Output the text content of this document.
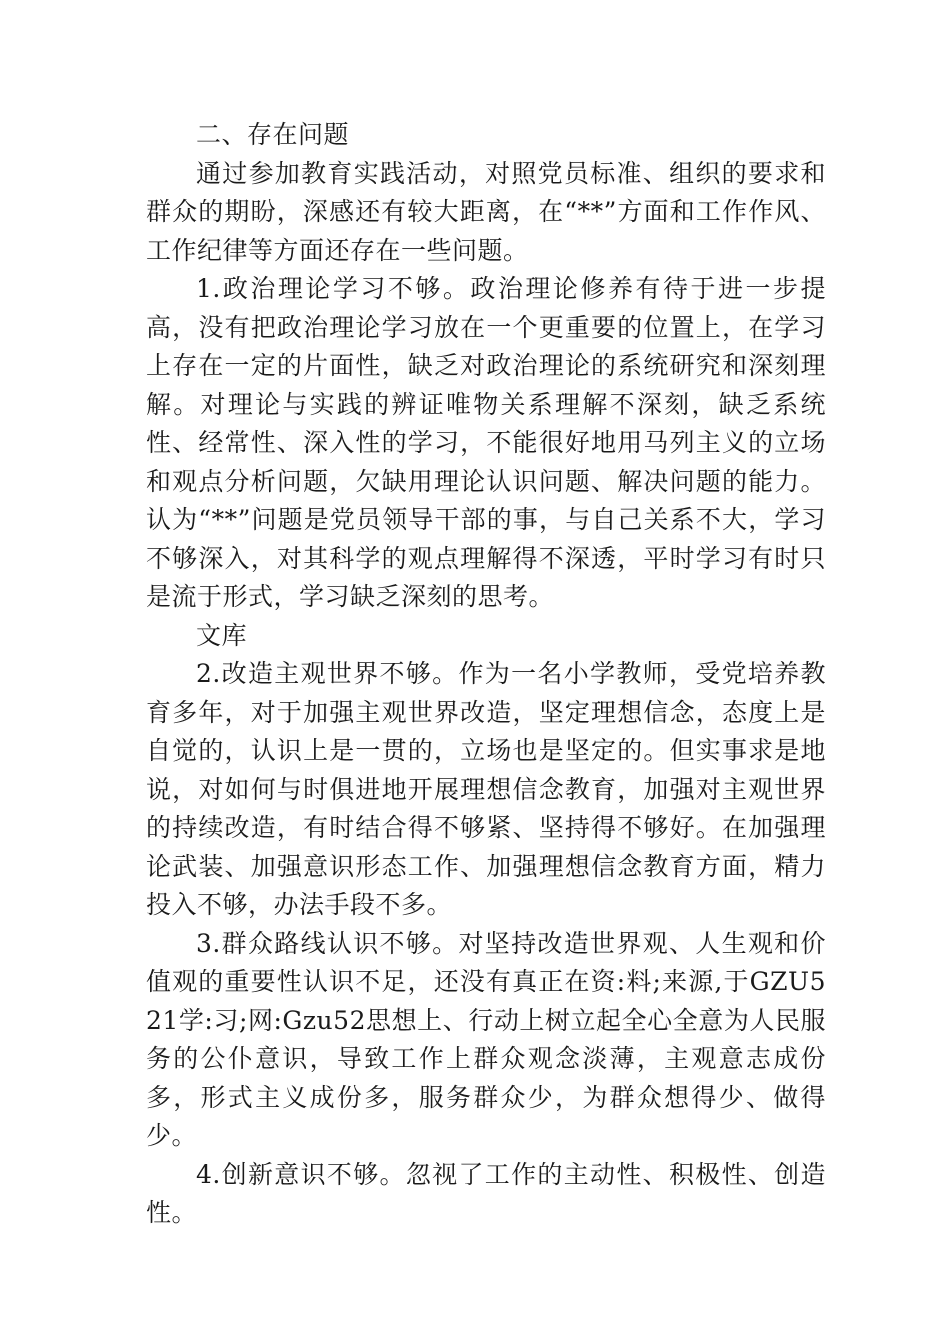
二、存在问题

通过参加教育实践活动，对照党员标准、组织的要求和群众的期盼，深感还有较大距离，在“**”方面和工作作风、工作纪律等方面还存在一些问题。

1.政治理论学习不够。政治理论修养有待于进一步提高，没有把政治理论学习放在一个更重要的位置上，在学习上存在一定的片面性，缺乏对政治理论的系统研究和深刻理解。对理论与实践的辨证唯物关系理解不深刻，缺乏系统性、经常性、深入性的学习，不能很好地用马列主义的立场和观点分析问题，欠缺用理论认识问题、解决问题的能力。认为“**”问题是党员领导干部的事，与自己关系不大，学习不够深入，对其科学的观点理解得不深透，平时学习有时只是流于形式，学习缺乏深刻的思考。

文库

2.改造主观世界不够。作为一名小学教师，受党培养教育多年，对于加强主观世界改造，坚定理想信念，态度上是自觉的，认识上是一贯的，立场也是坚定的。但实事求是地说，对如何与时俱进地开展理想信念教育，加强对主观世界的持续改造，有时结合得不够紧、坚持得不够好。在加强理论武装、加强意识形态工作、加强理想信念教育方面，精力投入不够，办法手段不多。

3.群众路线认识不够。对坚持改造世界观、人生观和价值观的重要性认识不足，还没有真正在资:料;来源,于GZU521学:习;网:Gzu52思想上、行动上树立起全心全意为人民服务的公仆意识，导致工作上群众观念淡薄，主观意志成份多，形式主义成份多，服务群众少，为群众想得少、做得少。

4.创新意识不够。忽视了工作的主动性、积极性、创造性。
